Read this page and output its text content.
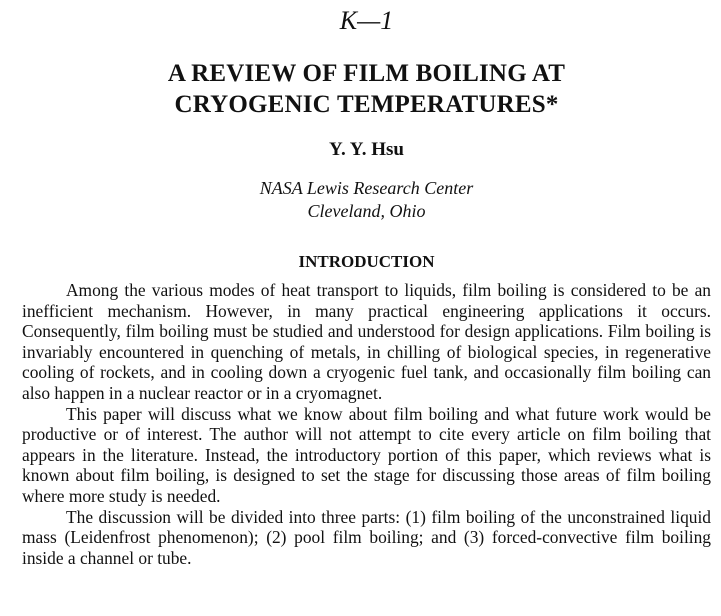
K—1
A REVIEW OF FILM BOILING AT
CRYOGENIC TEMPERATURES*
Y. Y. Hsu
NASA Lewis Research Center
Cleveland, Ohio
INTRODUCTION

Among the various modes of heat transport to liquids, film boiling is considered to be an inefficient mechanism. However, in many practical engineering applications it occurs. Consequently, film boiling must be studied and understood for design applications. Film boiling is invariably encountered in quenching of metals, in chilling of biological species, in regenerative cooling of rockets, and in cooling down a cryogenic fuel tank, and occasionally film boiling can also happen in a nuclear reactor or in a cryomagnet.

This paper will discuss what we know about film boiling and what future work would be productive or of interest. The author will not attempt to cite every article on film boiling that appears in the literature. Instead, the introductory portion of this paper, which reviews what is known about film boiling, is designed to set the stage for discussing those areas of film boiling where more study is needed.

The discussion will be divided into three parts: (1) film boiling of the unconstrained liquid mass (Leidenfrost phenomenon); (2) pool film boiling; and (3) forced-convective film boiling inside a channel or tube.
